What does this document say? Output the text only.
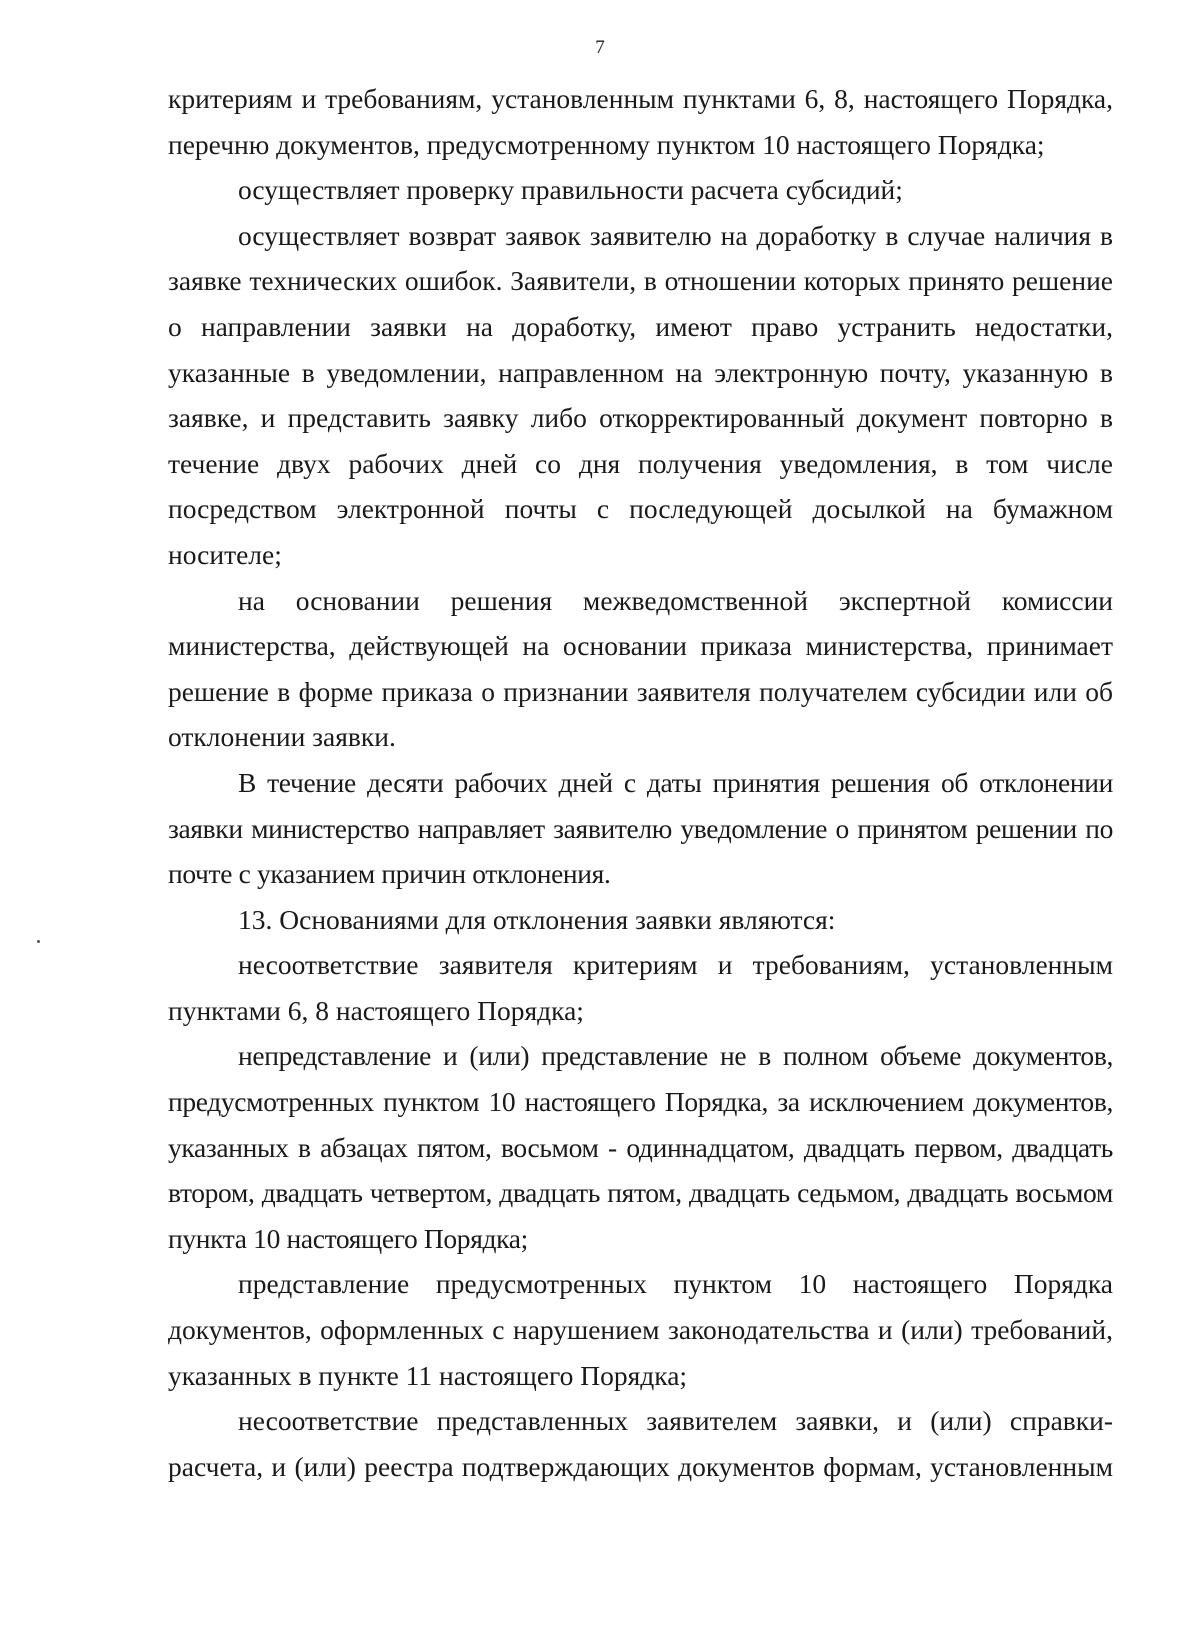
7

критериям и требованиям, установленным пунктами 6, 8, настоящего Порядка, перечню документов, предусмотренному пунктом 10 настоящего Порядка;

осуществляет проверку правильности расчета субсидий;

осуществляет возврат заявок заявителю на доработку в случае наличия в заявке технических ошибок. Заявители, в отношении которых принято решение о направлении заявки на доработку, имеют право устранить недостатки, указанные в уведомлении, направленном на электронную почту, указанную в заявке, и представить заявку либо откорректированный документ повторно в течение двух рабочих дней со дня получения уведомления, в том числе посредством электронной почты с последующей досылкой на бумажном носителе;

на основании решения межведомственной экспертной комиссии министерства, действующей на основании приказа министерства, принимает решение в форме приказа о признании заявителя получателем субсидии или об отклонении заявки.

В течение десяти рабочих дней с даты принятия решения об отклонении заявки министерство направляет заявителю уведомление о принятом решении по почте с указанием причин отклонения.

13. Основаниями для отклонения заявки являются:

несоответствие заявителя критериям и требованиям, установленным пунктами 6, 8 настоящего Порядка;

непредставление и (или) представление не в полном объеме документов, предусмотренных пунктом 10 настоящего Порядка, за исключением документов, указанных в абзацах пятом, восьмом - одиннадцатом, двадцать первом, двадцать втором, двадцать четвертом, двадцать пятом, двадцать седьмом, двадцать восьмом пункта 10 настоящего Порядка;

представление предусмотренных пунктом 10 настоящего Порядка документов, оформленных с нарушением законодательства и (или) требований, указанных в пункте 11 настоящего Порядка;

несоответствие представленных заявителем заявки, и (или) справки-расчета, и (или) реестра подтверждающих документов формам, установленным
